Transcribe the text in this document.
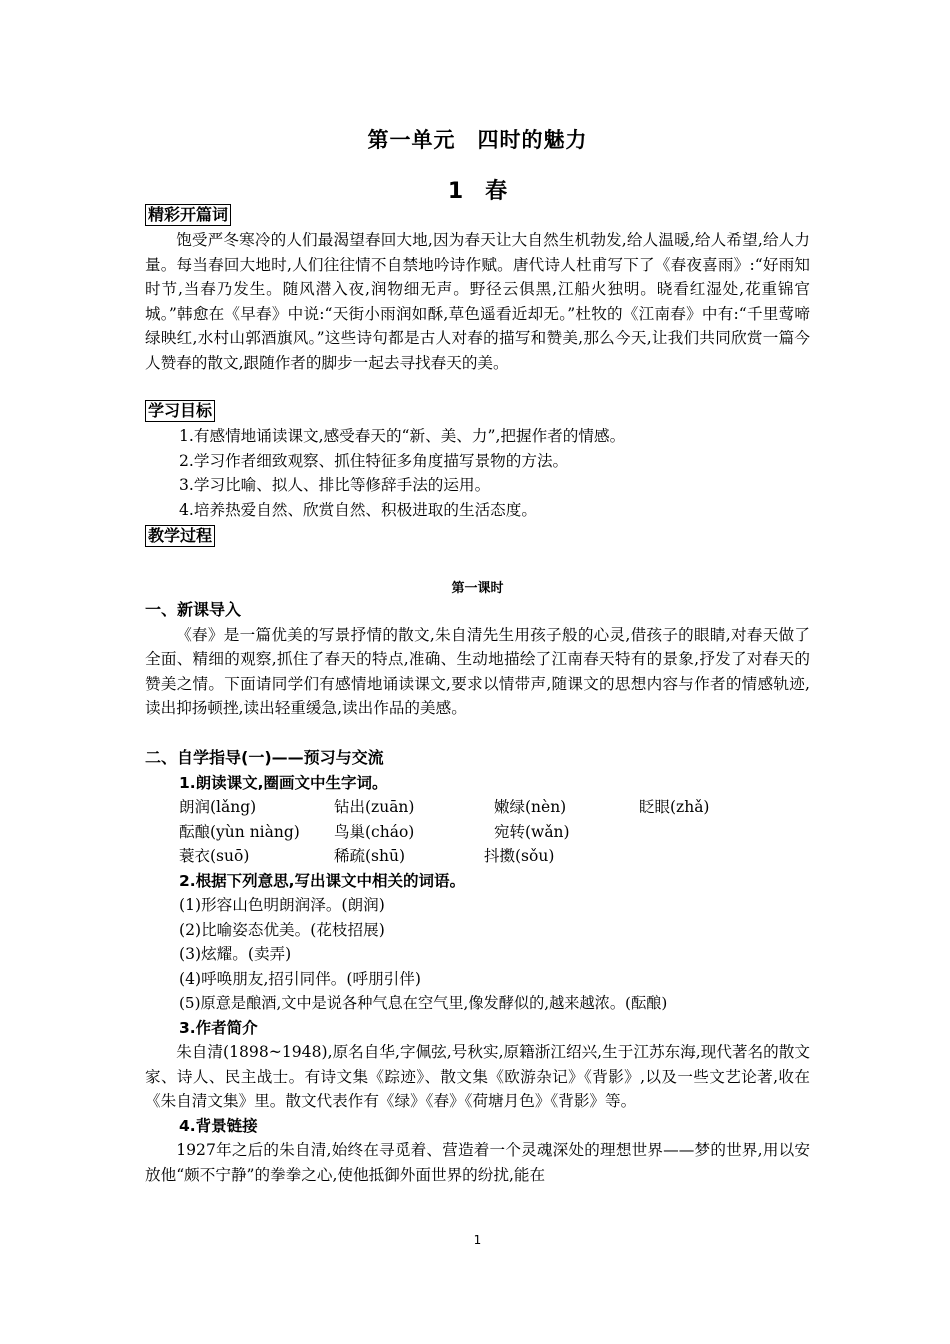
第一单元　四时的魅力
1　春
精彩开篇词

饱受严冬寒冷的人们最渴望春回大地,因为春天让大自然生机勃发,给人温暖,给人希望,给人力量。每当春回大地时,人们往往情不自禁地吟诗作赋。唐代诗人杜甫写下了《春夜喜雨》:“好雨知时节,当春乃发生。随风潜入夜,润物细无声。野径云俱黑,江船火独明。晓看红湿处,花重锦官城。”韩愈在《早春》中说:“天街小雨润如酥,草色遥看近却无。”杜牧的《江南春》中有:“千里莺啼绿映红,水村山郭酒旗风。”这些诗句都是古人对春的描写和赞美,那么今天,让我们共同欣赏一篇今人赞春的散文,跟随作者的脚步一起去寻找春天的美。

学习目标

1.有感情地诵读课文,感受春天的“新、美、力”,把握作者的情感。

2.学习作者细致观察、抓住特征多角度描写景物的方法。

3.学习比喻、拟人、排比等修辞手法的运用。

4.培养热爱自然、欣赏自然、积极进取的生活态度。

教学过程
第一课时

一、新课导入

《春》是一篇优美的写景抒情的散文,朱自清先生用孩子般的心灵,借孩子的眼睛,对春天做了全面、精细的观察,抓住了春天的特点,准确、生动地描绘了江南春天特有的景象,抒发了对春天的赞美之情。下面请同学们有感情地诵读课文,要求以情带声,随课文的思想内容与作者的情感轨迹,读出抑扬顿挫,读出轻重缓急,读出作品的美感。

二、自学指导(一)——预习与交流

1.朗读课文,圈画文中生字词。

朗润(lǎng)	钻出(zuān)	嫩绿(nèn)	眨眼(zhǎ)
酝酿(yùn niàng)	鸟巢(cháo)	宛转(wǎn)
蓑衣(suō)	稀疏(shū)	抖擞(sǒu)

2.根据下列意思,写出课文中相关的词语。

(1)形容山色明朗润泽。(朗润)

(2)比喻姿态优美。(花枝招展)

(3)炫耀。(卖弄)

(4)呼唤朋友,招引同伴。(呼朋引伴)

(5)原意是酿酒,文中是说各种气息在空气里,像发酵似的,越来越浓。(酝酿)

3.作者简介

朱自清(1898~1948),原名自华,字佩弦,号秋实,原籍浙江绍兴,生于江苏东海,现代著名的散文家、诗人、民主战士。有诗文集《踪迹》、散文集《欧游杂记》《背影》,以及一些文艺论著,收在《朱自清文集》里。散文代表作有《绿》《春》《荷塘月色》《背影》等。

4.背景链接

1927年之后的朱自清,始终在寻觅着、营造着一个灵魂深处的理想世界——梦的世界,用以安放他“颇不宁静”的拳拳之心,使他抵御外面世界的纷扰,能在

1
